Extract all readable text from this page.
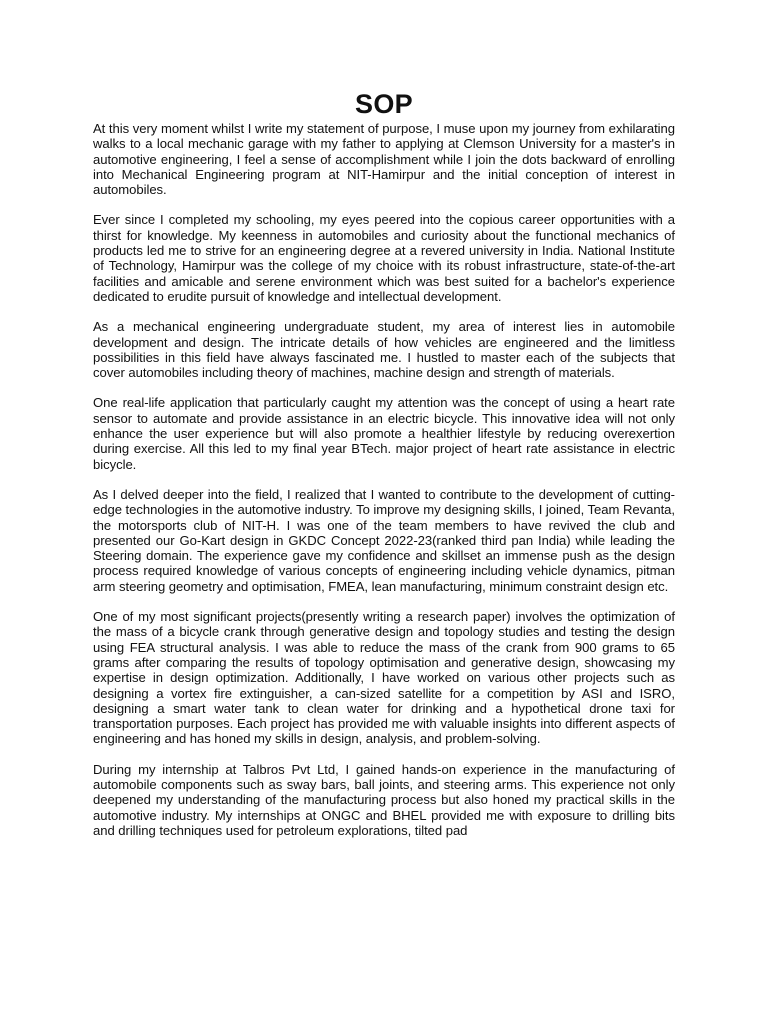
SOP

At this very moment whilst I write my statement of purpose, I muse upon my journey from exhilarating walks to a local mechanic garage with my father to applying at Clemson University for a master's in automotive engineering, I feel a sense of accomplishment while I join the dots backward of enrolling into Mechanical Engineering program at NIT-Hamirpur and the initial conception of interest in automobiles.

Ever since I completed my schooling, my eyes peered into the copious career opportunities with a thirst for knowledge. My keenness in automobiles and curiosity about the functional mechanics of products led me to strive for an engineering degree at a revered university in India. National Institute of Technology, Hamirpur was the college of my choice with its robust infrastructure, state-of-the-art facilities and amicable and serene environment which was best suited for a bachelor's experience dedicated to erudite pursuit of knowledge and intellectual development.

As a mechanical engineering undergraduate student, my area of interest lies in automobile development and design. The intricate details of how vehicles are engineered and the limitless possibilities in this field have always fascinated me. I hustled to master each of the subjects that cover automobiles including theory of machines, machine design and strength of materials.

One real-life application that particularly caught my attention was the concept of using a heart rate sensor to automate and provide assistance in an electric bicycle. This innovative idea will not only enhance the user experience but will also promote a healthier lifestyle by reducing overexertion during exercise. All this led to my final year BTech. major project of heart rate assistance in electric bicycle.

As I delved deeper into the field, I realized that I wanted to contribute to the development of cutting-edge technologies in the automotive industry. To improve my designing skills, I joined, Team Revanta, the motorsports club of NIT-H. I was one of the team members to have revived the club and presented our Go-Kart design in GKDC Concept 2022-23(ranked third pan India) while leading the Steering domain. The experience gave my confidence and skillset an immense push as the design process required knowledge of various concepts of engineering including vehicle dynamics, pitman arm steering geometry and optimisation, FMEA, lean manufacturing, minimum constraint design etc.

One of my most significant projects(presently writing a research paper) involves the optimization of the mass of a bicycle crank through generative design and topology studies and testing the design using FEA structural analysis. I was able to reduce the mass of the crank from 900 grams to 65 grams after comparing the results of topology optimisation and generative design, showcasing my expertise in design optimization. Additionally, I have worked on various other projects such as designing a vortex fire extinguisher, a can-sized satellite for a competition by ASI and ISRO, designing a smart water tank to clean water for drinking and a hypothetical drone taxi for transportation purposes. Each project has provided me with valuable insights into different aspects of engineering and has honed my skills in design, analysis, and problem-solving.

During my internship at Talbros Pvt Ltd, I gained hands-on experience in the manufacturing of automobile components such as sway bars, ball joints, and steering arms. This experience not only deepened my understanding of the manufacturing process but also honed my practical skills in the automotive industry. My internships at ONGC and BHEL provided me with exposure to drilling bits and drilling techniques used for petroleum explorations, tilted pad
